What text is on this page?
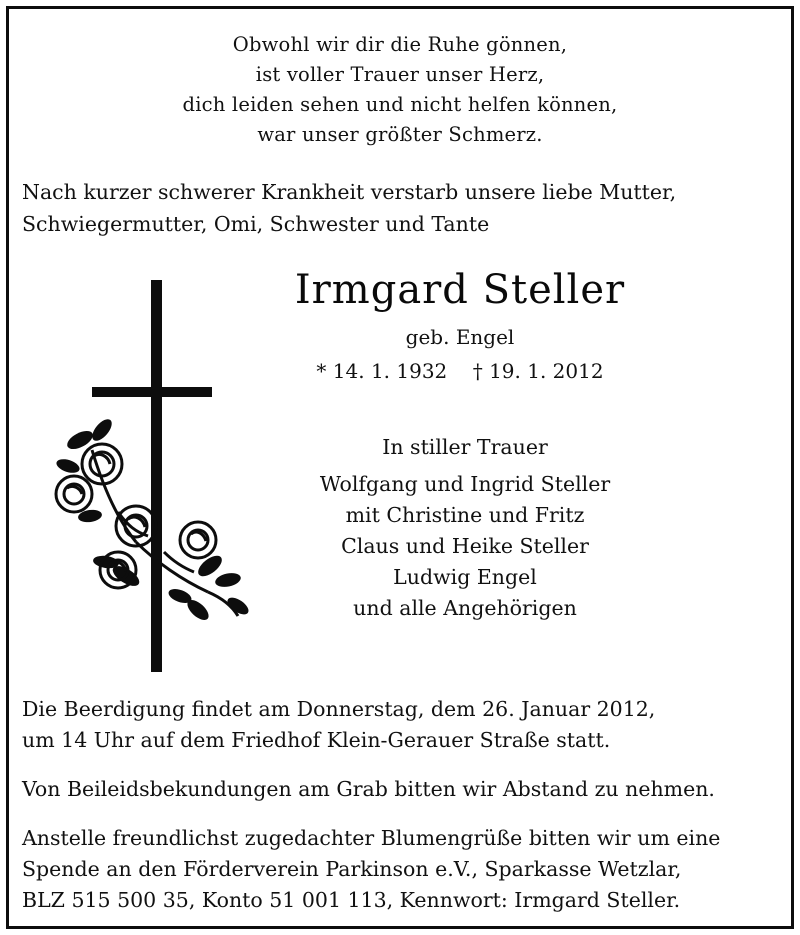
Obwohl wir dir die Ruhe gönnen,
ist voller Trauer unser Herz,
dich leiden sehen und nicht helfen können,
war unser größter Schmerz.
Nach kurzer schwerer Krankheit verstarb unsere liebe Mutter,
Schwiegermutter, Omi, Schwester und Tante
Irmgard Steller
geb. Engel
* 14. 1. 1932    † 19. 1. 2012
In stiller Trauer
Wolfgang und Ingrid Steller
mit Christine und Fritz
Claus und Heike Steller
Ludwig Engel
und alle Angehörigen

Die Beerdigung findet am Donnerstag, dem 26. Januar 2012,
um 14 Uhr auf dem Friedhof Klein-Gerauer Straße statt.

Von Beileidsbekundungen am Grab bitten wir Abstand zu nehmen.

Anstelle freundlichst zugedachter Blumengrüße bitten wir um eine
Spende an den Förderverein Parkinson e.V., Sparkasse Wetzlar,
BLZ 515 500 35, Konto 51 001 113, Kennwort: Irmgard Steller.
